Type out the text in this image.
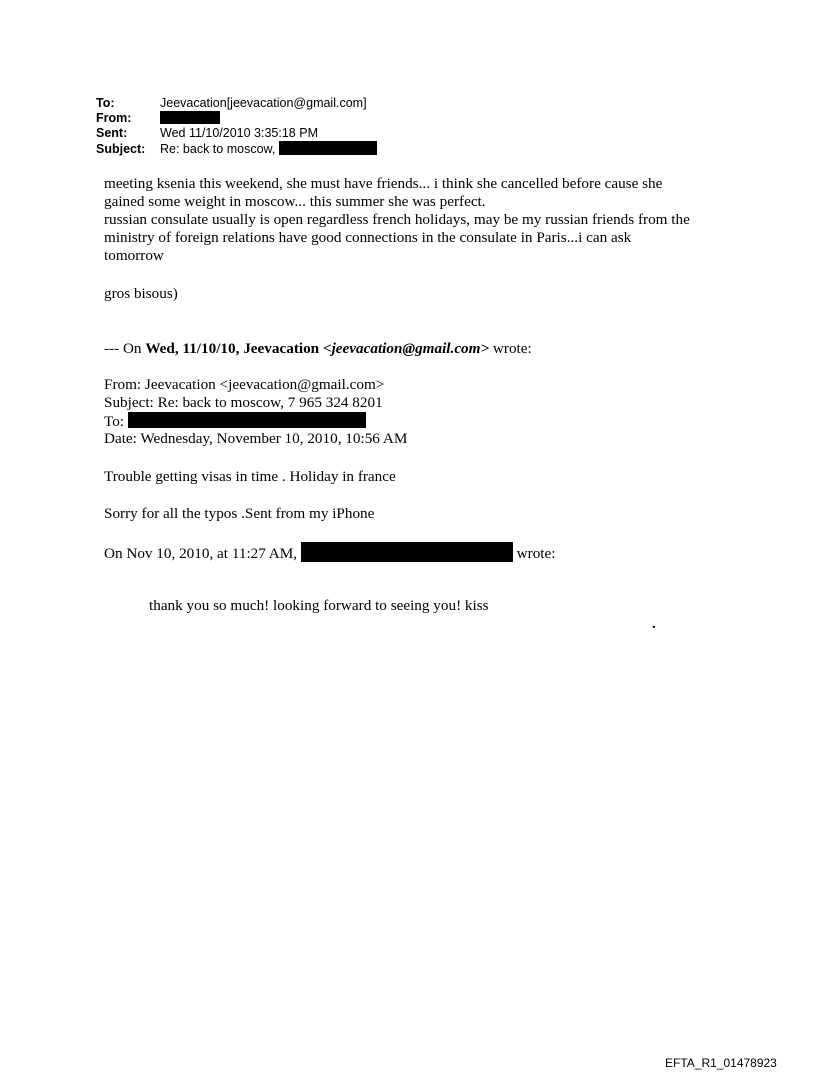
To:	Jeevacation[jeevacation@gmail.com]
From:
Sent:	Wed 11/10/2010 3:35:18 PM
Subject: Re: back to moscow,
meeting ksenia this weekend, she must have friends... i think she cancelled before cause she
gained some weight in moscow... this summer she was perfect.
russian consulate usually is open regardless french holidays, may be my russian friends from the
ministry of foreign relations have good connections in the consulate in Paris...i can ask
tomorrow
gros bisous)
--- On Wed, 11/10/10, Jeevacation <jeevacation@gmail.com> wrote:
From: Jeevacation <jeevacation@gmail.com>
Subject: Re: back to moscow, 7 965 324 8201
To:
Date: Wednesday, November 10, 2010, 10:56 AM
Trouble getting visas in time . Holiday in france
Sorry for all the typos .Sent from my iPhone
On Nov 10, 2010, at 11:27 AM,	wrote:
thank you so much! looking forward to seeing you! kiss
.
EFTA_R1_01478923
